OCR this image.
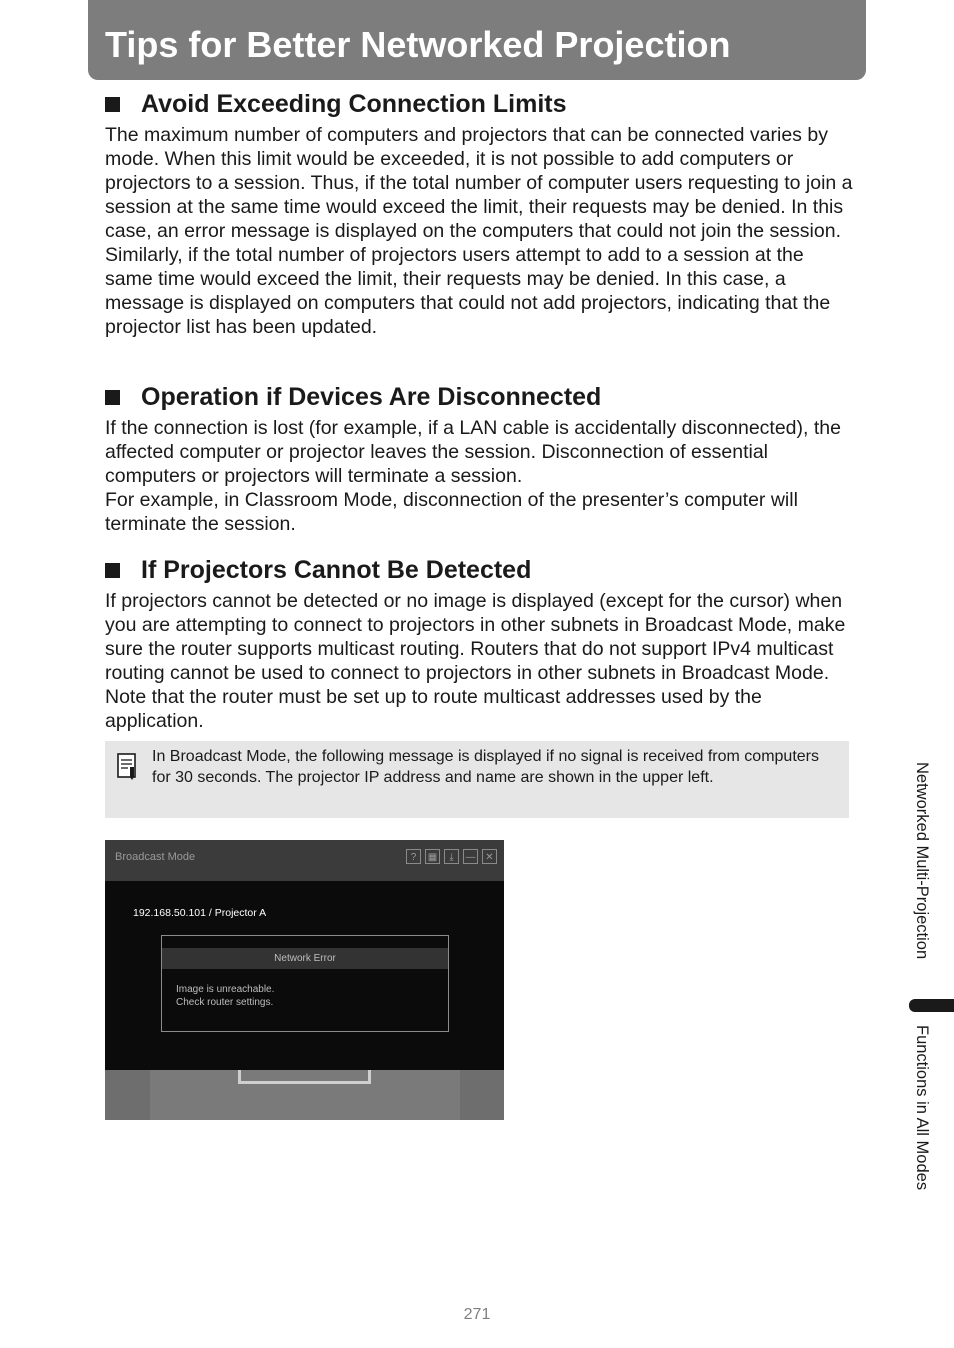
Tips for Better Networked Projection
Avoid Exceeding Connection Limits

The maximum number of computers and projectors that can be connected varies by mode. When this limit would be exceeded, it is not possible to add computers or projectors to a session. Thus, if the total number of computer users requesting to join a session at the same time would exceed the limit, their requests may be denied. In this case, an error message is displayed on the computers that could not join the session.

Similarly, if the total number of projectors users attempt to add to a session at the same time would exceed the limit, their requests may be denied. In this case, a message is displayed on computers that could not add projectors, indicating that the projector list has been updated.

Operation if Devices Are Disconnected

If the connection is lost (for example, if a LAN cable is accidentally disconnected), the affected computer or projector leaves the session. Disconnection of essential computers or projectors will terminate a session.

For example, in Classroom Mode, disconnection of the presenter’s computer will terminate the session.

If Projectors Cannot Be Detected

If projectors cannot be detected or no image is displayed (except for the cursor) when you are attempting to connect to projectors in other subnets in Broadcast Mode, make sure the router supports multicast routing. Routers that do not support IPv4 multicast routing cannot be used to connect to projectors in other subnets in Broadcast Mode. Note that the router must be set up to route multicast addresses used by the application.

In Broadcast Mode, the following message is displayed if no signal is received from computers for 30 seconds. The projector IP address and name are shown in the upper left.

Broadcast Mode	?	▦	⤓	— ✕
192.168.50.101 / Projector A
Network Error
Image is unreachable.
Check router settings.
Networked Multi-Projection
Functions in All Modes
271
